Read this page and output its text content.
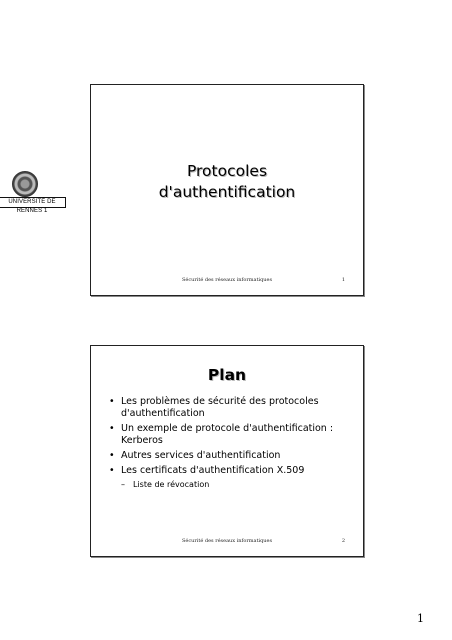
Protocoles
d'authentification
Sécurité des réseaux informatiques	1
UNIVERSITÉ DE RENNES 1
Plan
• Les problèmes de sécurité des protocoles d'authentification
• Un exemple de protocole d'authentification : Kerberos
• Autres services d'authentification
• Les certificats d'authentification X.509
– Liste de révocation
Sécurité des réseaux informatiques	2
1
